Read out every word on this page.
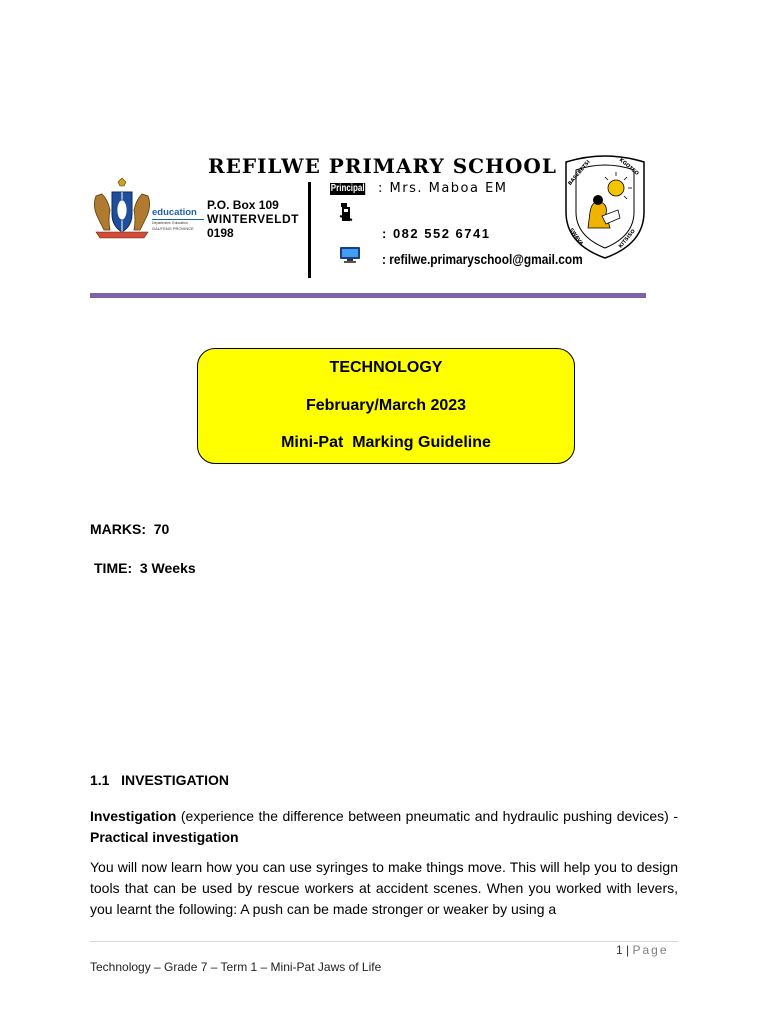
education
Department: Education
GAUTENG PROVINCE
REFILWE PRIMARY SCHOOL
P.O. Box 109
WINTERVELDT
0198
Principal : Mrs. Maboa EM
: 082 552 6741
: refilwe.primaryschool@gmail.com
BASEBETSI	KGOTSO
SWAVA	KITSISO
TECHNOLOGY
February/March 2023
Mini-Pat  Marking Guideline
MARKS:  70
TIME:  3 Weeks
1.1   INVESTIGATION
Investigation (experience the difference between pneumatic and hydraulic pushing devices) - Practical investigation
You will now learn how you can use syringes to make things move. This will help you to design tools that can be used by rescue workers at accident scenes. When you worked with levers, you learnt the following: A push can be made stronger or weaker by using a
1 | Page
Technology – Grade 7 – Term 1 – Mini-Pat Jaws of Life
